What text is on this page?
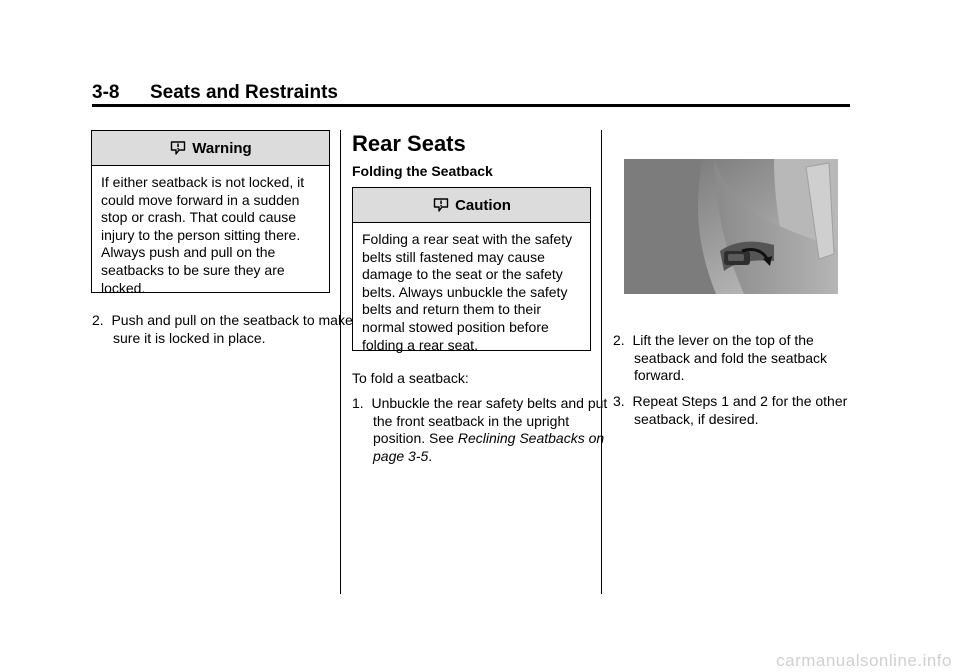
3-8 Seats and Restraints
Warning
If either seatback is not locked, it could move forward in a sudden stop or crash. That could cause injury to the person sitting there. Always push and pull on the seatbacks to be sure they are locked.
2. Push and pull on the seatback to make sure it is locked in place.
Rear Seats
Folding the Seatback
Caution
Folding a rear seat with the safety belts still fastened may cause damage to the seat or the safety belts. Always unbuckle the safety belts and return them to their normal stowed position before folding a rear seat.
To fold a seatback:
1. Unbuckle the rear safety belts and put the front seatback in the upright position. See Reclining Seatbacks on page 3-5.
2. Lift the lever on the top of the seatback and fold the seatback forward.
3. Repeat Steps 1 and 2 for the other seatback, if desired.
carmanualsonline.info
